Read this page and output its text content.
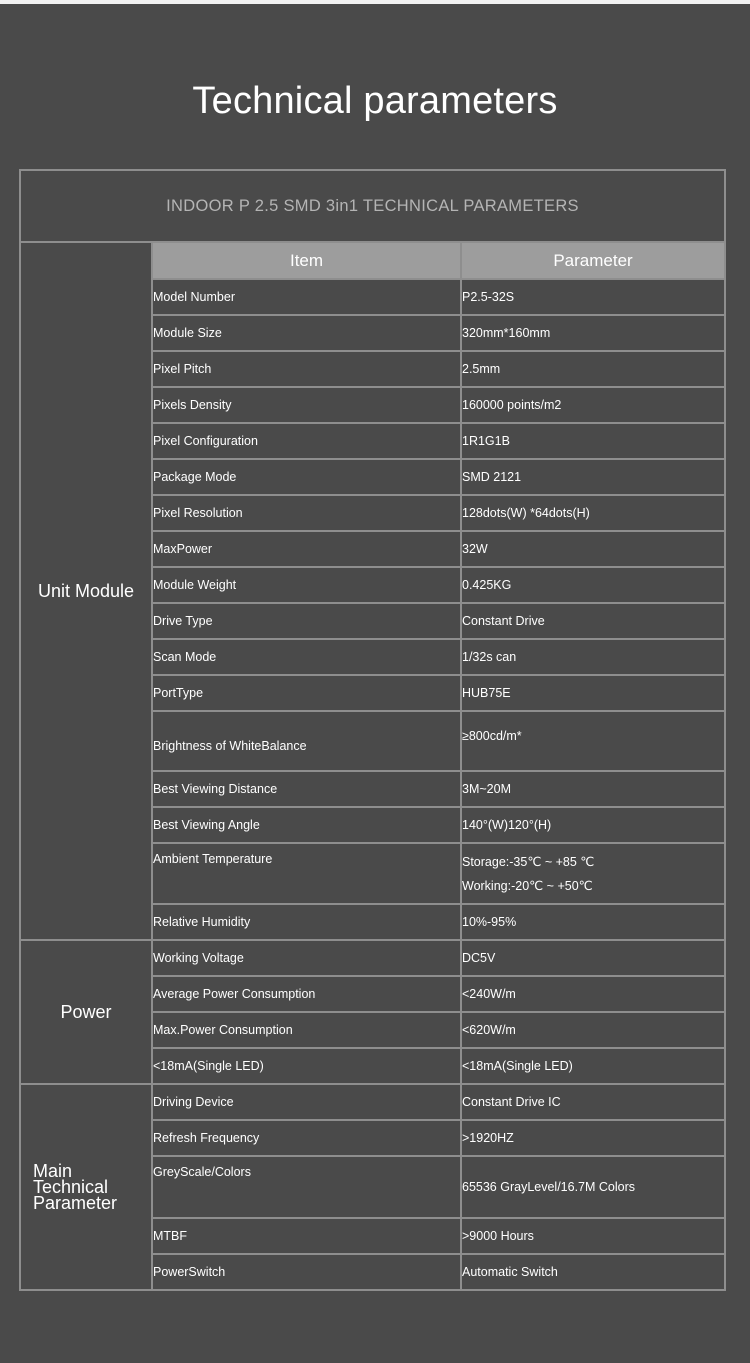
Technical parameters
INDOOR P 2.5 SMD 3in1 TECHNICAL PARAMETERS		
Unit Module	Item	Parameter
	Model Number	P2.5-32S
	Module Size	320mm*160mm
	Pixel Pitch	2.5mm
	Pixels Density	160000 points/m2
	Pixel Configuration	1R1G1B
	Package Mode	SMD 2121
	Pixel Resolution	128dots(W) *64dots(H)
	MaxPower	32W
	Module Weight	0.425KG
	Drive Type	Constant Drive
	Scan Mode	1/32s can
	PortType	HUB75E
	Brightness of WhiteBalance	≥800cd/m*
	Best Viewing Distance	3M~20M
	Best Viewing Angle	140°(W)120°(H)
	Ambient Temperature	Storage:-35℃ ~ +85 ℃
Working:-20℃ ~ +50℃

	Relative Humidity	10%-95%
Power	Working Voltage	DC5V
	Average Power Consumption	<240W/m
	Max.Power Consumption	<620W/m
	<18mA(Single LED)	<18mA(Single LED)
Main Technical Parameter	Driving Device	Constant Drive IC
	Refresh Frequency	>1920HZ
	GreyScale/Colors	65536 GrayLevel/16.7M Colors
	MTBF	>9000 Hours
	PowerSwitch	Automatic Switch
